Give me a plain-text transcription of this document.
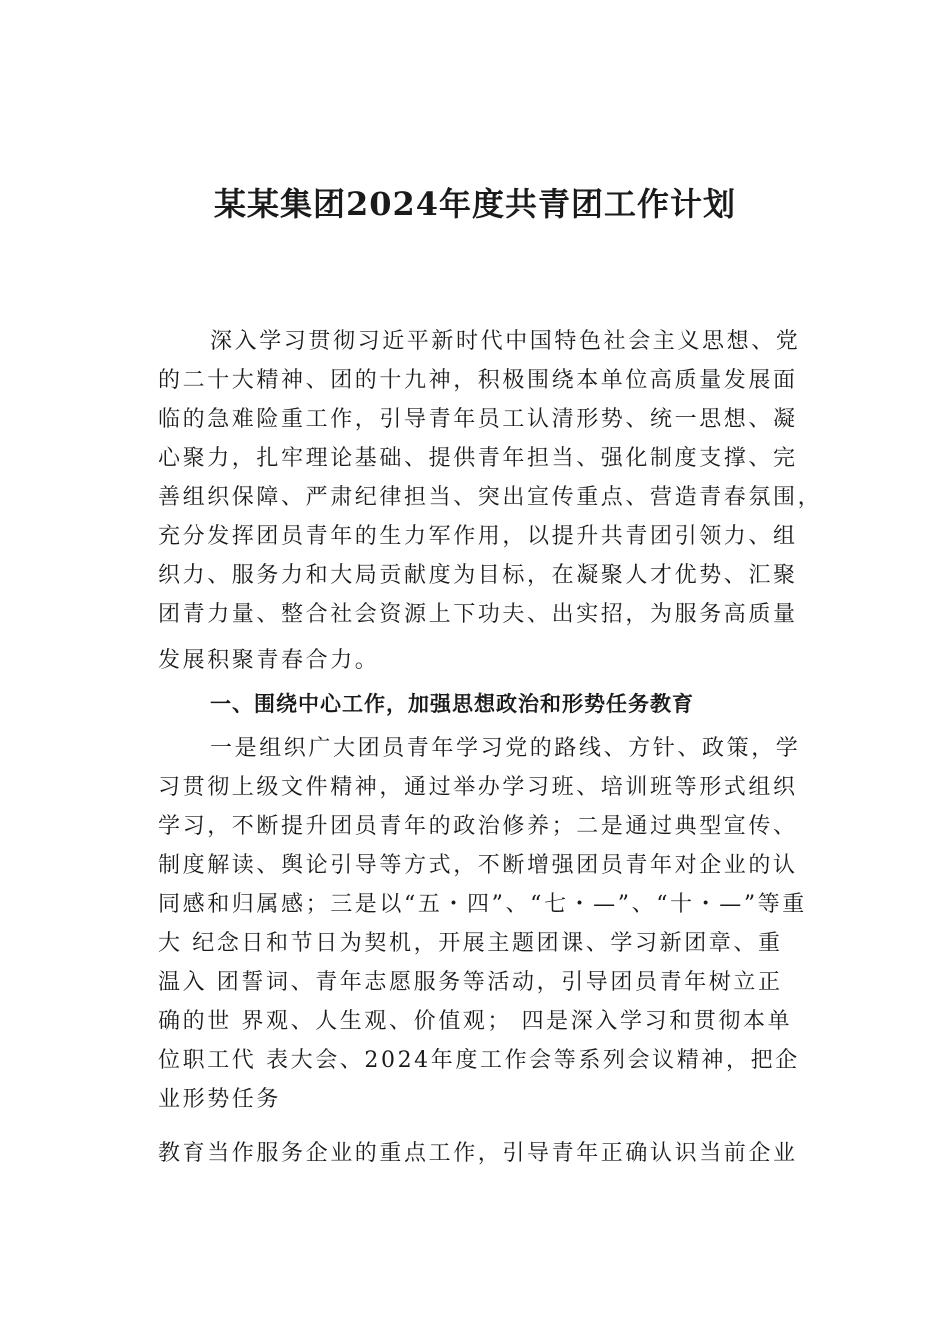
某某集团2024年度共青团工作计划

深入学习贯彻习近平新时代中国特色社会主义思想、党

的二十大精神、团的十九神，积极围绕本单位高质量发展面

临的急难险重工作，引导青年员工认清形势、统一思想、凝

心聚力，扎牢理论基础、提供青年担当、强化制度支撑、完

善组织保障、严肃纪律担当、突出宣传重点、营造青春氛围，

充分发挥团员青年的生力军作用，以提升共青团引领力、组

织力、服务力和大局贡献度为目标，在凝聚人才优势、汇聚

团青力量、整合社会资源上下功夫、出实招，为服务高质量

发展积聚青春合力。

一、围绕中心工作，加强思想政治和形势任务教育

一是组织广大团员青年学习党的路线、方针、政策，学

习贯彻上级文件精神，通过举办学习班、培训班等形式组织

学习，不断提升团员青年的政治修养；二是通过典型宣传、

制度解读、舆论引导等方式，不断增强团员青年对企业的认

同感和归属感；三是以“五・四”、“七・—”、“十・—”等重

大 纪念日和节日为契机，开展主题团课、学习新团章、重

温入 团誓词、青年志愿服务等活动，引导团员青年树立正

确的世 界观、人生观、价值观； 四是深入学习和贯彻本单

位职工代 表大会、2024年度工作会等系列会议精神，把企

业形势任务

教育当作服务企业的重点工作，引导青年正确认识当前企业
